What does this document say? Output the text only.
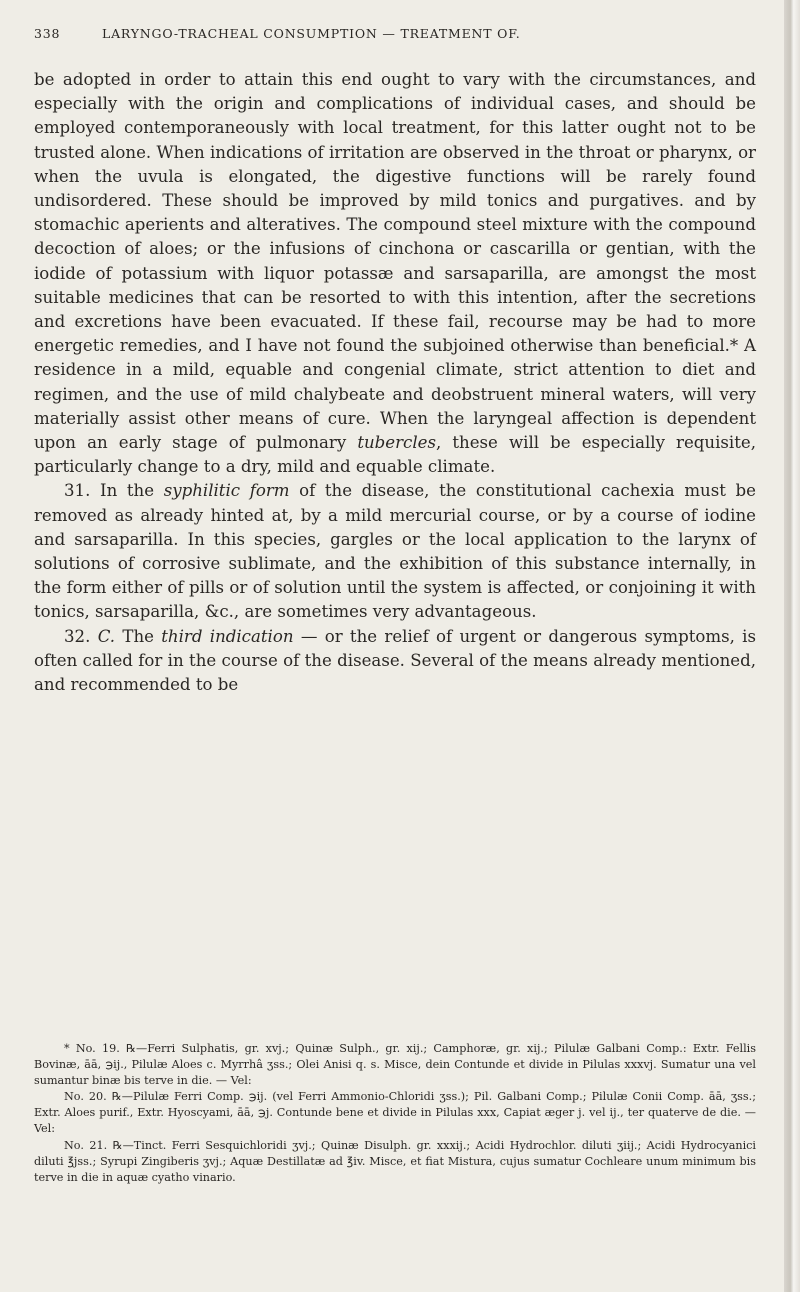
338	LARYNGO-TRACHEAL CONSUMPTION — TREATMENT OF.

be adopted in order to attain this end ought to vary with the circumstances, and especially with the origin and complications of individual cases, and should be employed contemporaneously with local treatment, for this latter ought not to be trusted alone. When indications of irritation are observed in the throat or pharynx, or when the uvula is elongated, the digestive functions will be rarely found undisordered. These should be improved by mild tonics and purgatives. and by stomachic aperients and alteratives. The compound steel mixture with the compound decoction of aloes; or the infusions of cinchona or cascarilla or gentian, with the iodide of potassium with liquor potassæ and sarsaparilla, are amongst the most suitable medicines that can be resorted to with this intention, after the secretions and excretions have been evacuated. If these fail, recourse may be had to more energetic remedies, and I have not found the subjoined otherwise than beneficial.* A residence in a mild, equable and congenial climate, strict attention to diet and regimen, and the use of mild chalybeate and deobstruent mineral waters, will very materially assist other means of cure. When the laryngeal affection is dependent upon an early stage of pulmonary tubercles, these will be especially requisite, particularly change to a dry, mild and equable climate.

31. In the syphilitic form of the disease, the constitutional cachexia must be removed as already hinted at, by a mild mercurial course, or by a course of iodine and sarsaparilla. In this species, gargles or the local application to the larynx of solutions of corrosive sublimate, and the exhibition of this substance internally, in the form either of pills or of solution until the system is affected, or conjoining it with tonics, sarsaparilla, &c., are sometimes very advantageous.

32. C. The third indication — or the relief of urgent or dangerous symptoms, is often called for in the course of the disease. Several of the means already mentioned, and recommended to be

* No. 19. ℞—Ferri Sulphatis, gr. xvj.; Quinæ Sulph., gr. xij.; Camphoræ, gr. xij.; Pilulæ Galbani Comp.: Extr. Fellis Bovinæ, āā, ℈ij., Pilulæ Aloes c. Myrrhâ ʒss.; Olei Anisi q. s. Misce, dein Contunde et divide in Pilulas xxxvj. Sumatur una vel sumantur binæ bis terve in die. — Vel:

No. 20. ℞—Pilulæ Ferri Comp. ℈ij. (vel Ferri Ammonio-Chloridi ʒss.); Pil. Galbani Comp.; Pilulæ Conii Comp. āā, ʒss.; Extr. Aloes purif., Extr. Hyoscyami, āā, ℈j. Contunde bene et divide in Pilulas xxx, Capiat æger j. vel ij., ter quaterve de die. — Vel:

No. 21. ℞—Tinct. Ferri Sesquichloridi ʒvj.; Quinæ Disulph. gr. xxxij.; Acidi Hydrochlor. diluti ʒiij.; Acidi Hydrocyanici diluti ℥jss.; Syrupi Zingiberis ʒvj.; Aquæ Destillatæ ad ℥iv. Misce, et fiat Mistura, cujus sumatur Cochleare unum minimum bis terve in die in aquæ cyatho vinario.
